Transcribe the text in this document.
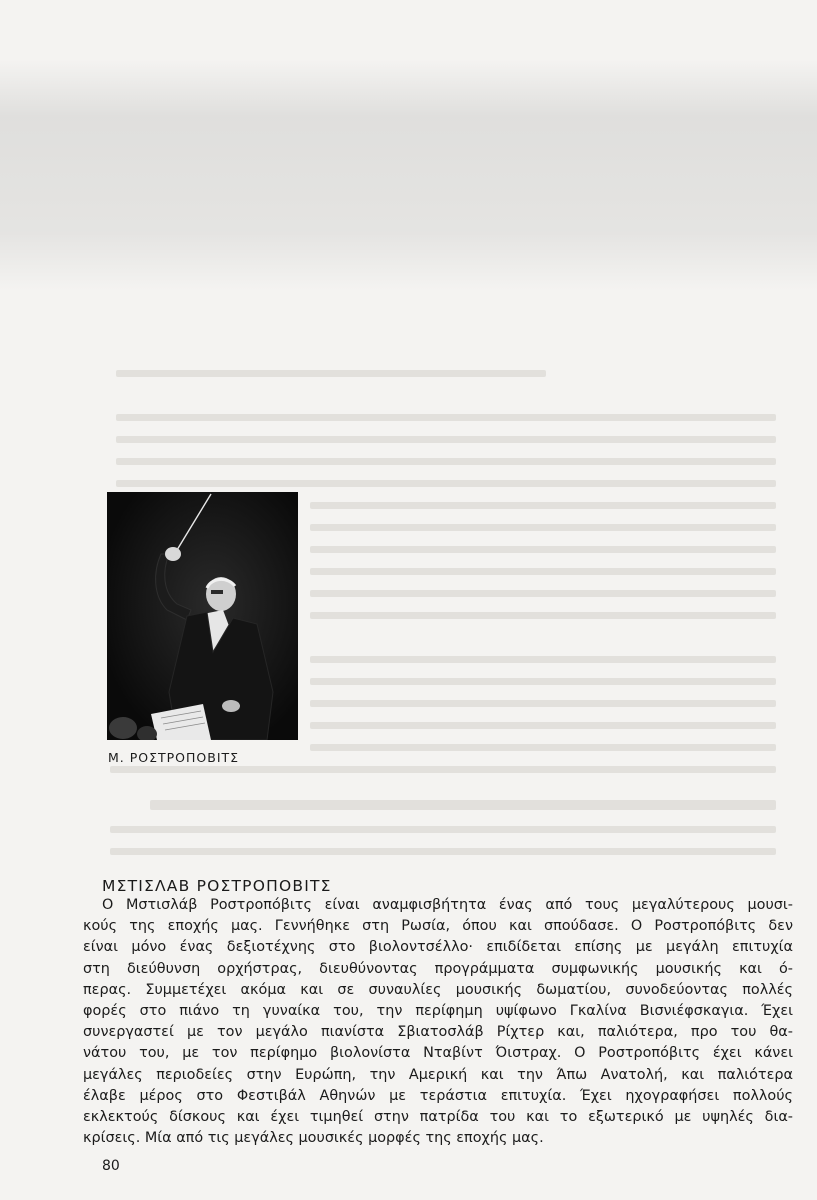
Μ. ΡΟΣΤΡΟΠΟΒΙΤΣ
ΜΣΤΙΣΛΑΒ ΡΟΣΤΡΟΠΟΒΙΤΣ

Ο Μστισλάβ Ροστροπόβιτς είναι αναμφισβήτητα ένας από τους μεγαλύτερους μουσι-
κούς της εποχής μας. Γεννήθηκε στη Ρωσία, όπου και σπούδασε. Ο Ροστροπόβιτς δεν
είναι μόνο ένας δεξιοτέχνης στο βιολοντσέλλο· επιδίδεται επίσης με μεγάλη επιτυχία
στη διεύθυνση ορχήστρας, διευθύνοντας προγράμματα συμφωνικής μουσικής και ό-
περας. Συμμετέχει ακόμα και σε συναυλίες μουσικής δωματίου, συνοδεύοντας πολλές
φορές στο πιάνο τη γυναίκα του, την περίφημη υψίφωνο Γκαλίνα Βισνιέφσκαγια. Έχει
συνεργαστεί με τον μεγάλο πιανίστα Σβιατοσλάβ Ρίχτερ και, παλιότερα, προ του θα-
νάτου του, με τον περίφημο βιολονίστα Νταβίντ Όιστραχ. Ο Ροστροπόβιτς έχει κάνει
μεγάλες περιοδείες στην Ευρώπη, την Αμερική και την Άπω Ανατολή, και παλιότερα
έλαβε μέρος στο Φεστιβάλ Αθηνών με τεράστια επιτυχία. Έχει ηχογραφήσει πολλούς
εκλεκτούς δίσκους και έχει τιμηθεί στην πατρίδα του και το εξωτερικό με υψηλές δια-
κρίσεις. Μία από τις μεγάλες μουσικές μορφές της εποχής μας.

80
